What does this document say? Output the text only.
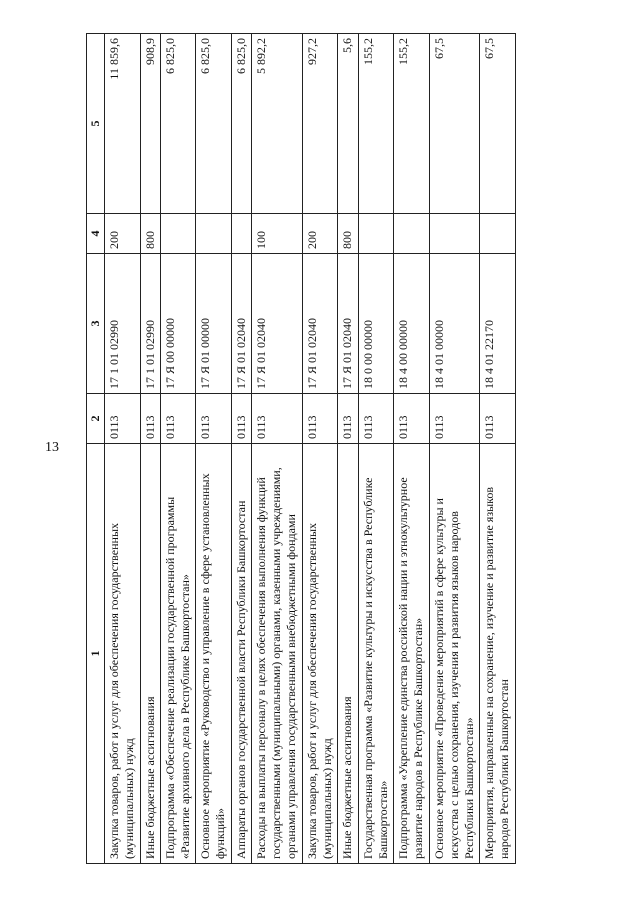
13
1	2	3	4	5
Закупка товаров, работ и услуг для обеспечения государственных (муниципальных) нужд	0113	17 1 01 02990	200	11 859,6
Иные бюджетные ассигнования	0113	17 1 01 02990	800	908,9
Подпрограмма «Обеспечение реализации государственной программы «Развитие архивного дела в Республике Башкортостан»	0113	17 Я 00 00000		6 825,0
Основное мероприятие «Руководство и управление в сфере установленных функций»	0113	17 Я 01 00000		6 825,0
Аппараты органов государственной власти Республики Башкортостан	0113	17 Я 01 02040		6 825,0
Расходы на выплаты персоналу в целях обеспечения выполнения функций государственными (муниципальными) органами, казенными учреждениями, органами управления государственными внебюджетными фондами	0113	17 Я 01 02040	100	5 892,2
Закупка товаров, работ и услуг для обеспечения государственных (муниципальных) нужд	0113	17 Я 01 02040	200	927,2
Иные бюджетные ассигнования	0113	17 Я 01 02040	800	5,6
Государственная программа «Развитие культуры и искусства в Республике Башкортостан»	0113	18 0 00 00000		155,2
Подпрограмма «Укрепление единства российской нации и этнокультурное развитие народов в Республике Башкортостан»	0113	18 4 00 00000		155,2
Основное мероприятие «Проведение мероприятий в сфере культуры и искусства с целью сохранения, изучения и развития языков народов Республики Башкортостан»	0113	18 4 01 00000		67,5
Мероприятия, направленные на сохранение, изучение и развитие языков народов Республики Башкортостан	0113	18 4 01 22170		67,5
